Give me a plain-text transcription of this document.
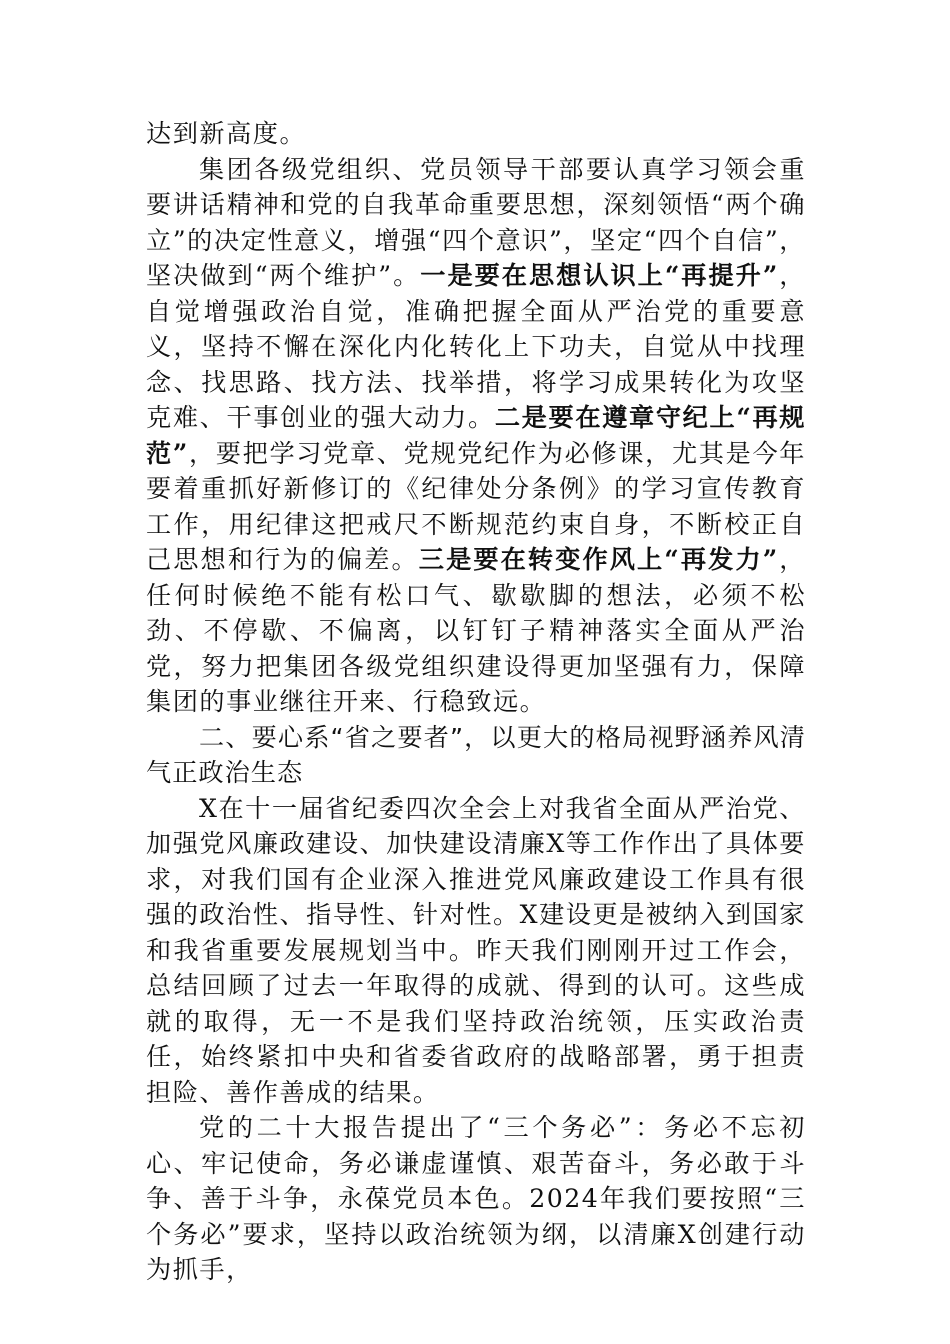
达到新高度。

集团各级党组织、党员领导干部要认真学习领会重要讲话精神和党的自我革命重要思想，深刻领悟“两个确立”的决定性意义，增强“四个意识”，坚定“四个自信”，坚决做到“两个维护”。一是要在思想认识上“再提升”，自觉增强政治自觉，准确把握全面从严治党的重要意义，坚持不懈在深化内化转化上下功夫，自觉从中找理念、找思路、找方法、找举措，将学习成果转化为攻坚克难、干事创业的强大动力。二是要在遵章守纪上“再规范”，要把学习党章、党规党纪作为必修课，尤其是今年要着重抓好新修订的《纪律处分条例》的学习宣传教育工作，用纪律这把戒尺不断规范约束自身，不断校正自己思想和行为的偏差。三是要在转变作风上“再发力”，任何时候绝不能有松口气、歇歇脚的想法，必须不松劲、不停歇、不偏离，以钉钉子精神落实全面从严治党，努力把集团各级党组织建设得更加坚强有力，保障集团的事业继往开来、行稳致远。

二、要心系“省之要者”，以更大的格局视野涵养风清气正政治生态

X在十一届省纪委四次全会上对我省全面从严治党、加强党风廉政建设、加快建设清廉X等工作作出了具体要求，对我们国有企业深入推进党风廉政建设工作具有很强的政治性、指导性、针对性。X建设更是被纳入到国家和我省重要发展规划当中。昨天我们刚刚开过工作会，总结回顾了过去一年取得的成就、得到的认可。这些成就的取得，无一不是我们坚持政治统领，压实政治责任，始终紧扣中央和省委省政府的战略部署，勇于担责担险、善作善成的结果。

党的二十大报告提出了“三个务必”：务必不忘初心、牢记使命，务必谦虚谨慎、艰苦奋斗，务必敢于斗争、善于斗争，永葆党员本色。2024年我们要按照“三个务必”要求，坚持以政治统领为纲，以清廉X创建行动为抓手，
